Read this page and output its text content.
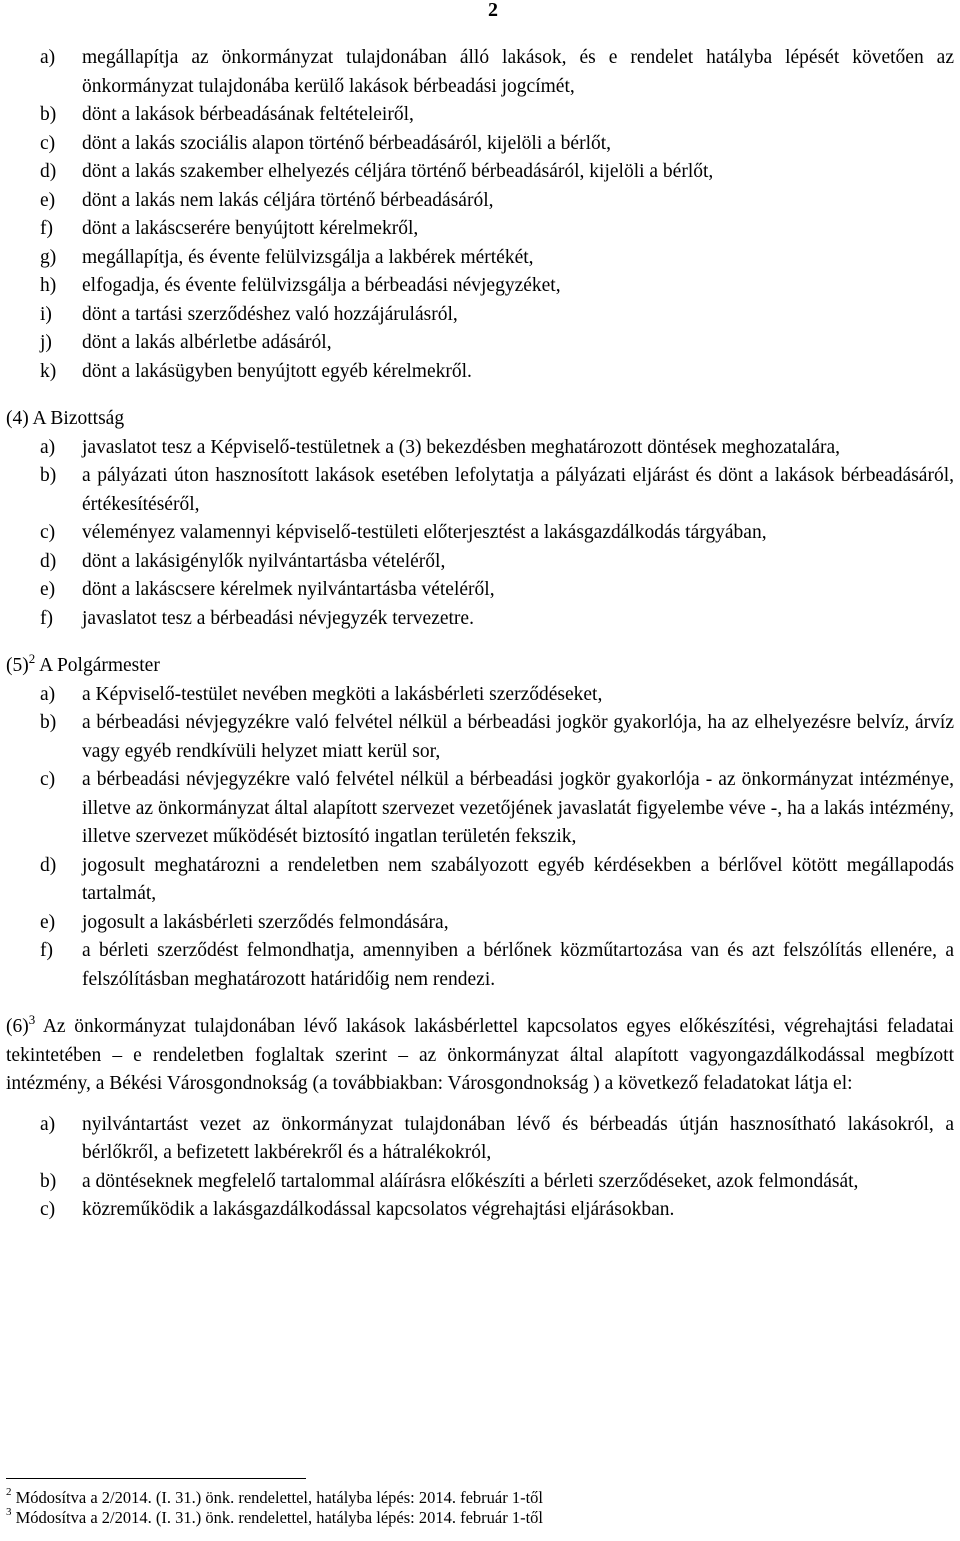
2
a)	megállapítja az önkormányzat tulajdonában álló lakások, és e rendelet hatályba lépését követően az önkormányzat tulajdonába kerülő lakások bérbeadási jogcímét,
b)	dönt a lakások bérbeadásának feltételeiről,
c)	dönt a lakás szociális alapon történő bérbeadásáról, kijelöli a bérlőt,
d)	dönt a lakás szakember elhelyezés céljára történő bérbeadásáról, kijelöli a bérlőt,
e)	dönt a lakás nem lakás céljára történő bérbeadásáról,
f)	dönt a lakáscserére benyújtott kérelmekről,
g)	megállapítja, és évente felülvizsgálja a lakbérek mértékét,
h)	elfogadja, és évente felülvizsgálja a bérbeadási névjegyzéket,
i)	dönt a tartási szerződéshez való hozzájárulásról,
j)	dönt a lakás albérletbe adásáról,
k)	dönt a lakásügyben benyújtott egyéb kérelmekről.
(4) A Bizottság
a)	javaslatot tesz a Képviselő-testületnek a (3) bekezdésben meghatározott döntések meghozatalára,
b)	a pályázati úton hasznosított lakások esetében lefolytatja a pályázati eljárást és dönt a lakások bérbeadásáról, értékesítéséről,
c)	véleményez valamennyi képviselő-testületi előterjesztést a lakásgazdálkodás tárgyában,
d)	dönt a lakásigénylők nyilvántartásba vételéről,
e)	dönt a lakáscsere kérelmek nyilvántartásba vételéről,
f)	javaslatot tesz a bérbeadási névjegyzék tervezetre.
$(5)^2$ A Polgármester
a)	a Képviselő-testület nevében megköti a lakásbérleti szerződéseket,
b)	a bérbeadási névjegyzékre való felvétel nélkül a bérbeadási jogkör gyakorlója, ha az elhelyezésre belvíz, árvíz vagy egyéb rendkívüli helyzet miatt kerül sor,
c)	a bérbeadási névjegyzékre való felvétel nélkül a bérbeadási jogkör gyakorlója - az önkormányzat intézménye, illetve az önkormányzat által alapított szervezet vezetőjének javaslatát figyelembe véve -, ha a lakás intézmény, illetve szervezet működését biztosító ingatlan területén fekszik,
d)	jogosult meghatározni a rendeletben nem szabályozott egyéb kérdésekben a bérlővel kötött megállapodás tartalmát,
e)	jogosult a lakásbérleti szerződés felmondására,
f)	a bérleti szerződést felmondhatja, amennyiben a bérlőnek közműtartozása van és azt felszólítás ellenére, a felszólításban meghatározott határidőig nem rendezi.
$(6)^3$ Az önkormányzat tulajdonában lévő lakások lakásbérlettel kapcsolatos egyes előkészítési, végrehajtási feladatai tekintetében – e rendeletben foglaltak szerint – az önkormányzat által alapított vagyongazdálkodással megbízott intézmény, a Békési Városgondnokság (a továbbiakban: Városgondnokság ) a következő feladatokat látja el:
a)	nyilvántartást vezet az önkormányzat tulajdonában lévő és bérbeadás útján hasznosítható lakásokról, a bérlőkről, a befizetett lakbérekről és a hátralékokról,
b)	a döntéseknek megfelelő tartalommal aláírásra előkészíti a bérleti szerződéseket, azok felmondását,
c)	közreműködik a lakásgazdálkodással kapcsolatos végrehajtási eljárásokban.
$^2$ Módosítva a 2/2014. (I. 31.) önk. rendelettel, hatályba lépés: 2014. február 1-től
$^3$ Módosítva a 2/2014. (I. 31.) önk. rendelettel, hatályba lépés: 2014. február 1-től
